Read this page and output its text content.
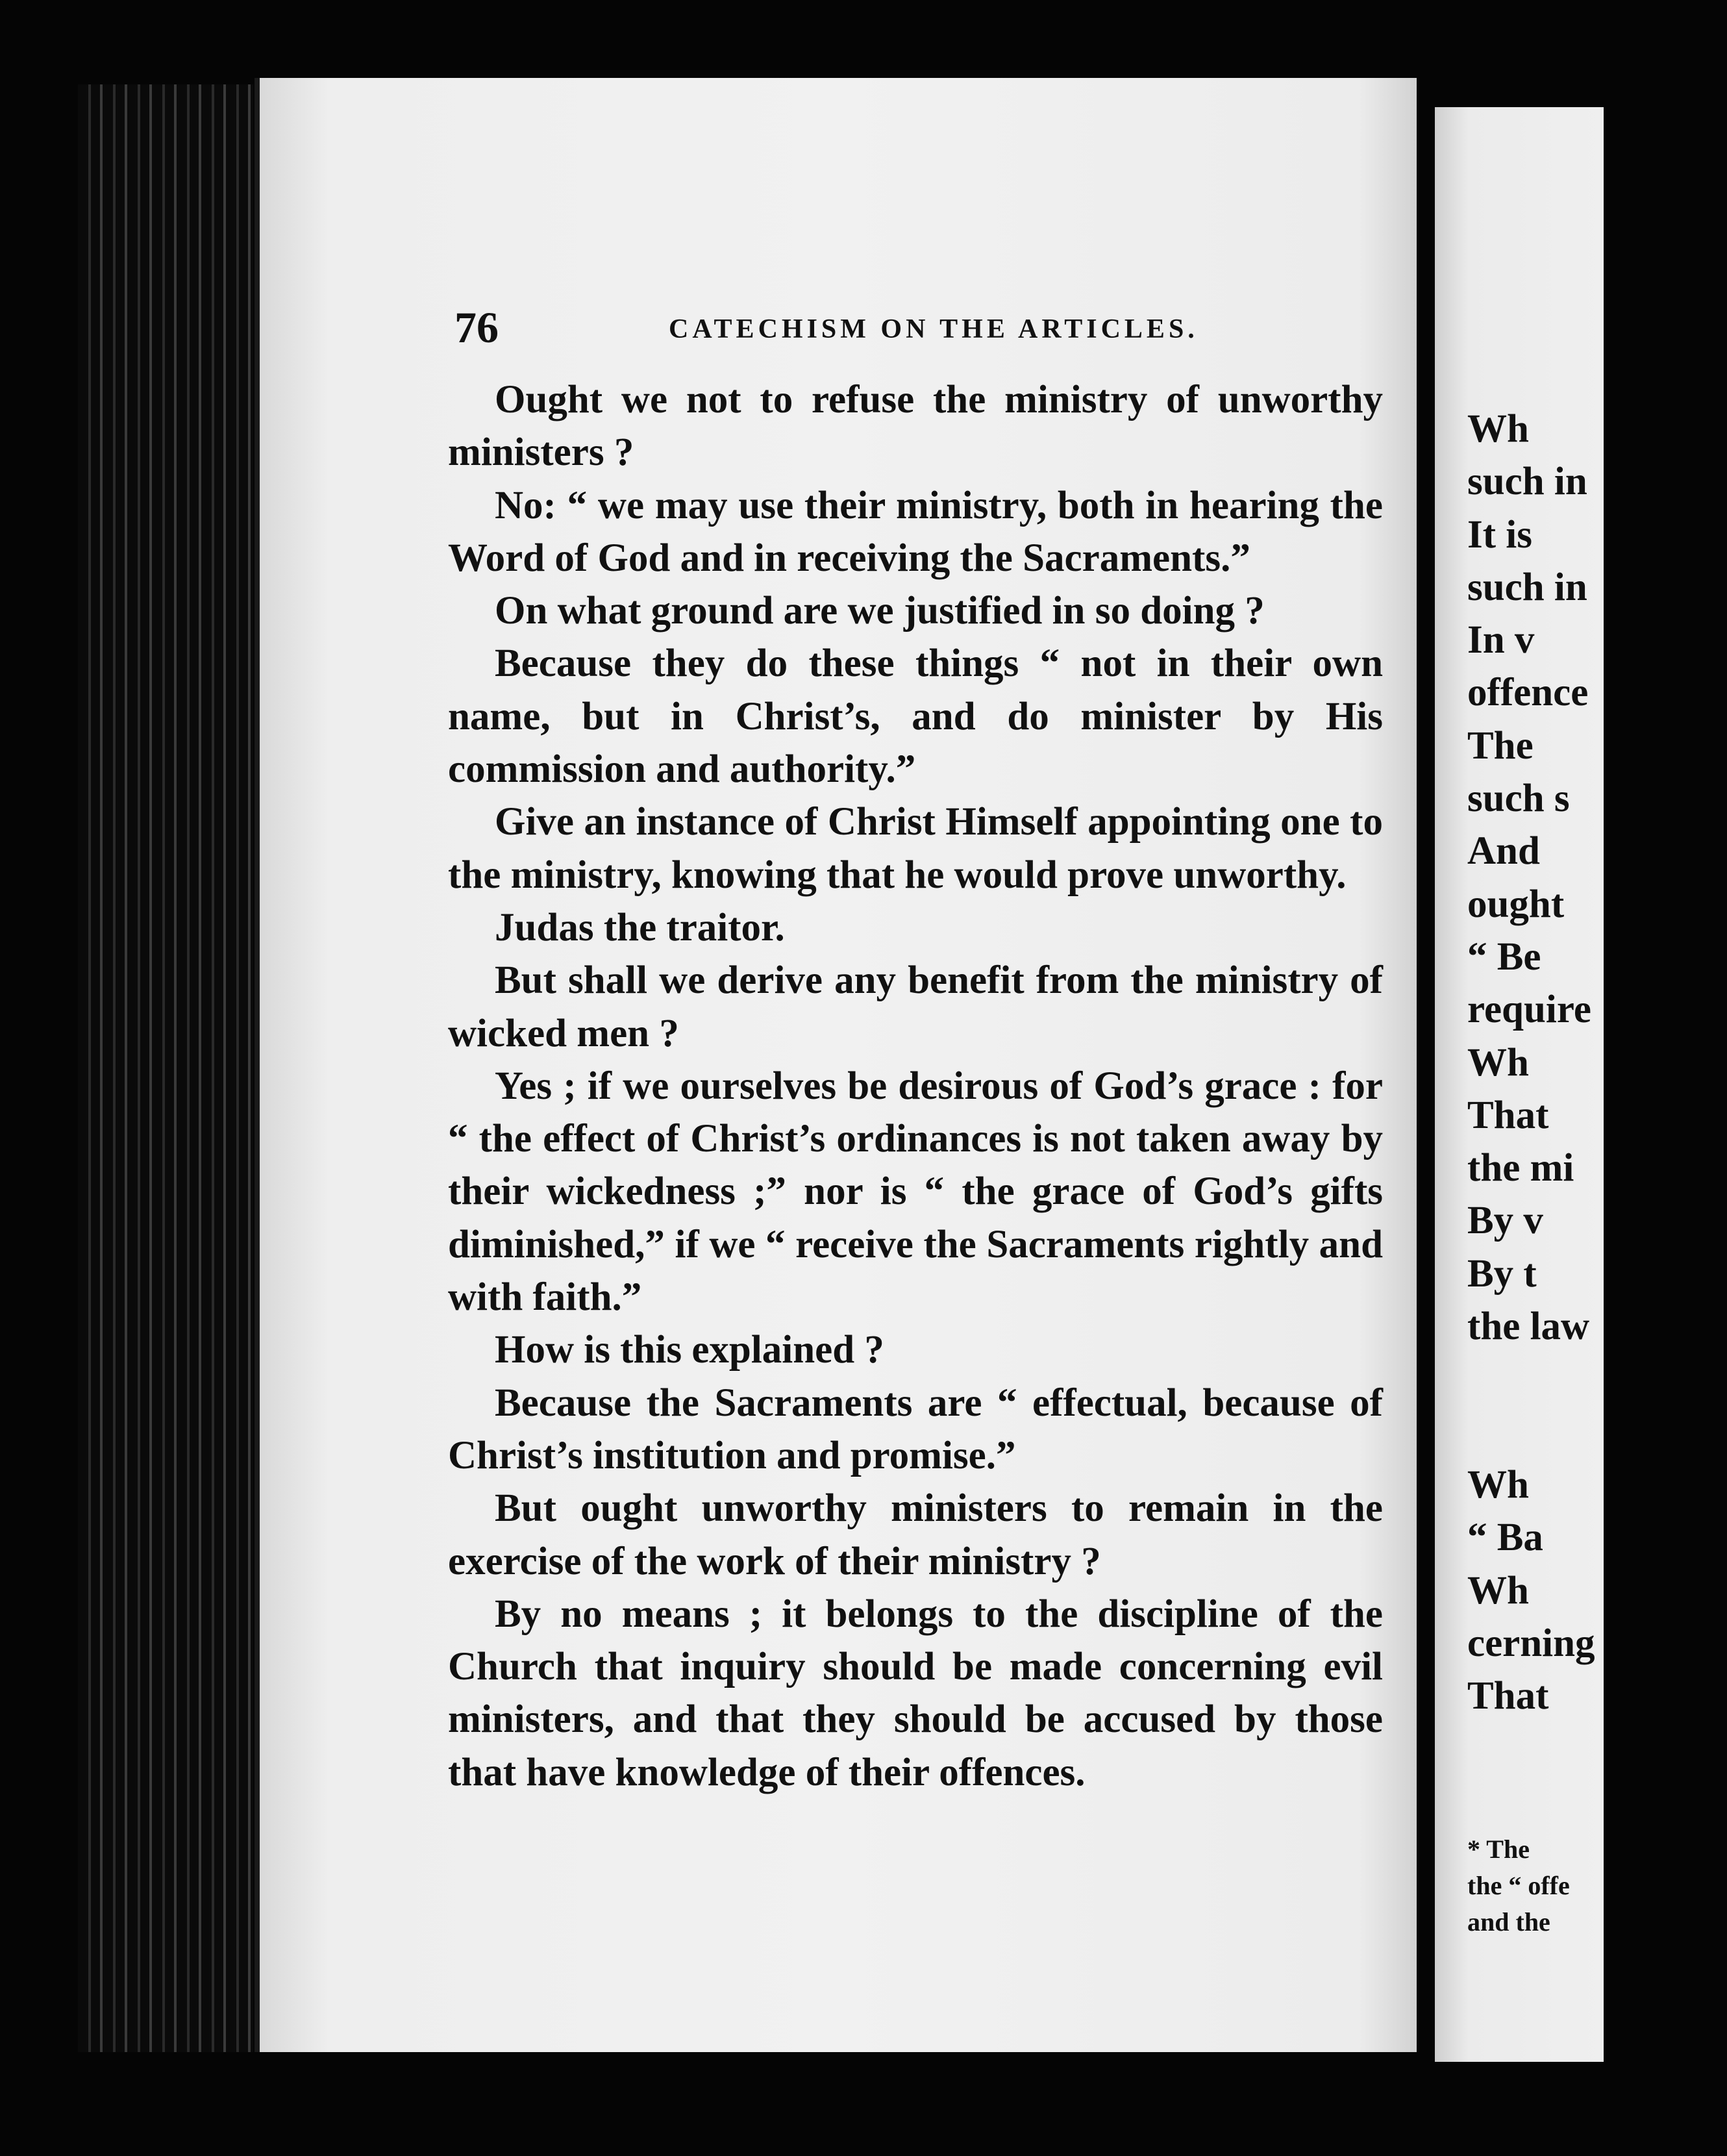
76	CATECHISM ON THE ARTICLES.

Ought we not to refuse the ministry of unworthy ministers ?

No: “ we may use their ministry, both in hearing the Word of God and in receiving the Sacraments.”

On what ground are we justified in so doing ?

Because they do these things “ not in their own name, but in Christ’s, and do minister by His commission and authority.”

Give an instance of Christ Himself appointing one to the ministry, knowing that he would prove unworthy.

Judas the traitor.

But shall we derive any benefit from the ministry of wicked men ?

Yes ; if we ourselves be desirous of God’s grace : for “ the effect of Christ’s ordinances is not taken away by their wickedness ;” nor is “ the grace of God’s gifts diminished,” if we “ receive the Sacraments rightly and with faith.”

How is this explained ?

Because the Sacraments are “ effectual, because of Christ’s institution and promise.”

But ought unworthy ministers to remain in the exercise of the work of their ministry ?

By no means ; it belongs to the discipline of the Church that inquiry should be made concerning evil ministers, and that they should be accused by those that have knowledge of their offences.

Wh
such in
It is
such in
In v
offence
The
such s
And
ought
“ Be
require
Wh
That
the mi
By v
By t
the law
Wh
“ Ba
Wh
cerning
That
* The
the “ offe
and the
